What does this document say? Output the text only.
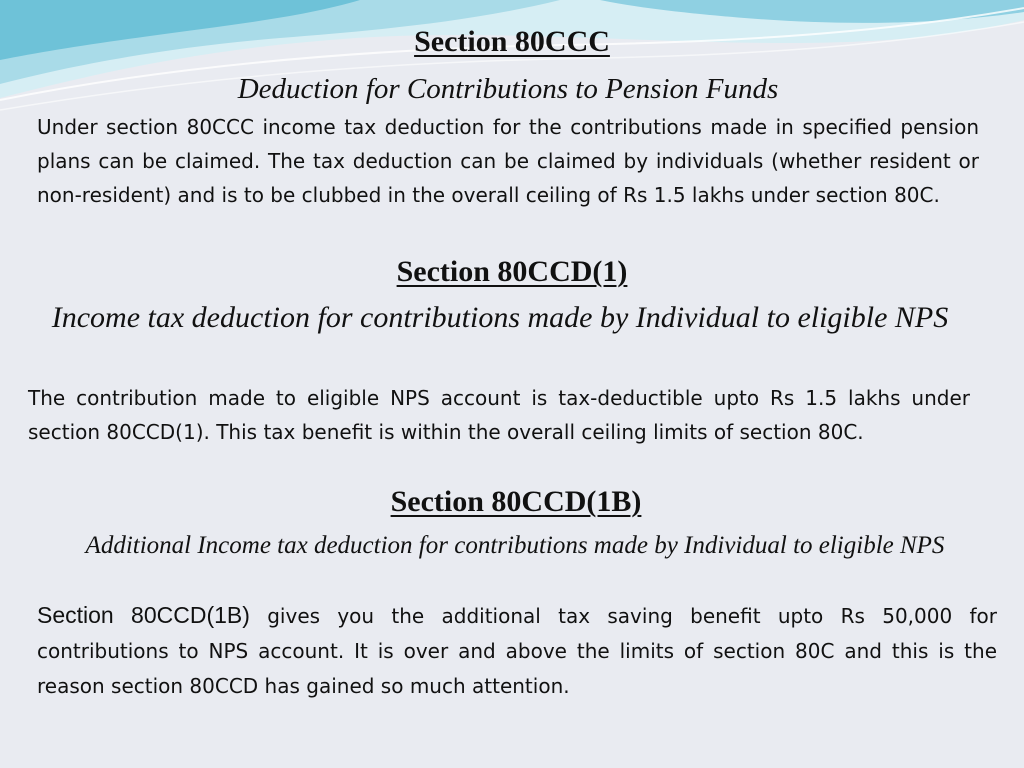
Section 80CCC

Deduction for Contributions to Pension Funds

Under section 80CCC income tax deduction for the contributions made in specified pension plans can be claimed. The tax deduction can be claimed by individuals (whether resident or non-resident) and is to be clubbed in the overall ceiling of Rs 1.5 lakhs under section 80C.

Section 80CCD(1)

Income tax deduction for contributions made by Individual to eligible NPS

The contribution made to eligible NPS account is tax-deductible upto Rs 1.5 lakhs under section 80CCD(1). This tax benefit is within the overall ceiling limits of section 80C.

Section 80CCD(1B)

Additional Income tax deduction for contributions made by Individual to eligible NPS

Section 80CCD(1B) gives you the additional tax saving benefit upto Rs 50,000 for contributions to NPS account. It is over and above the limits of section 80C and this is the reason section 80CCD has gained so much attention.
